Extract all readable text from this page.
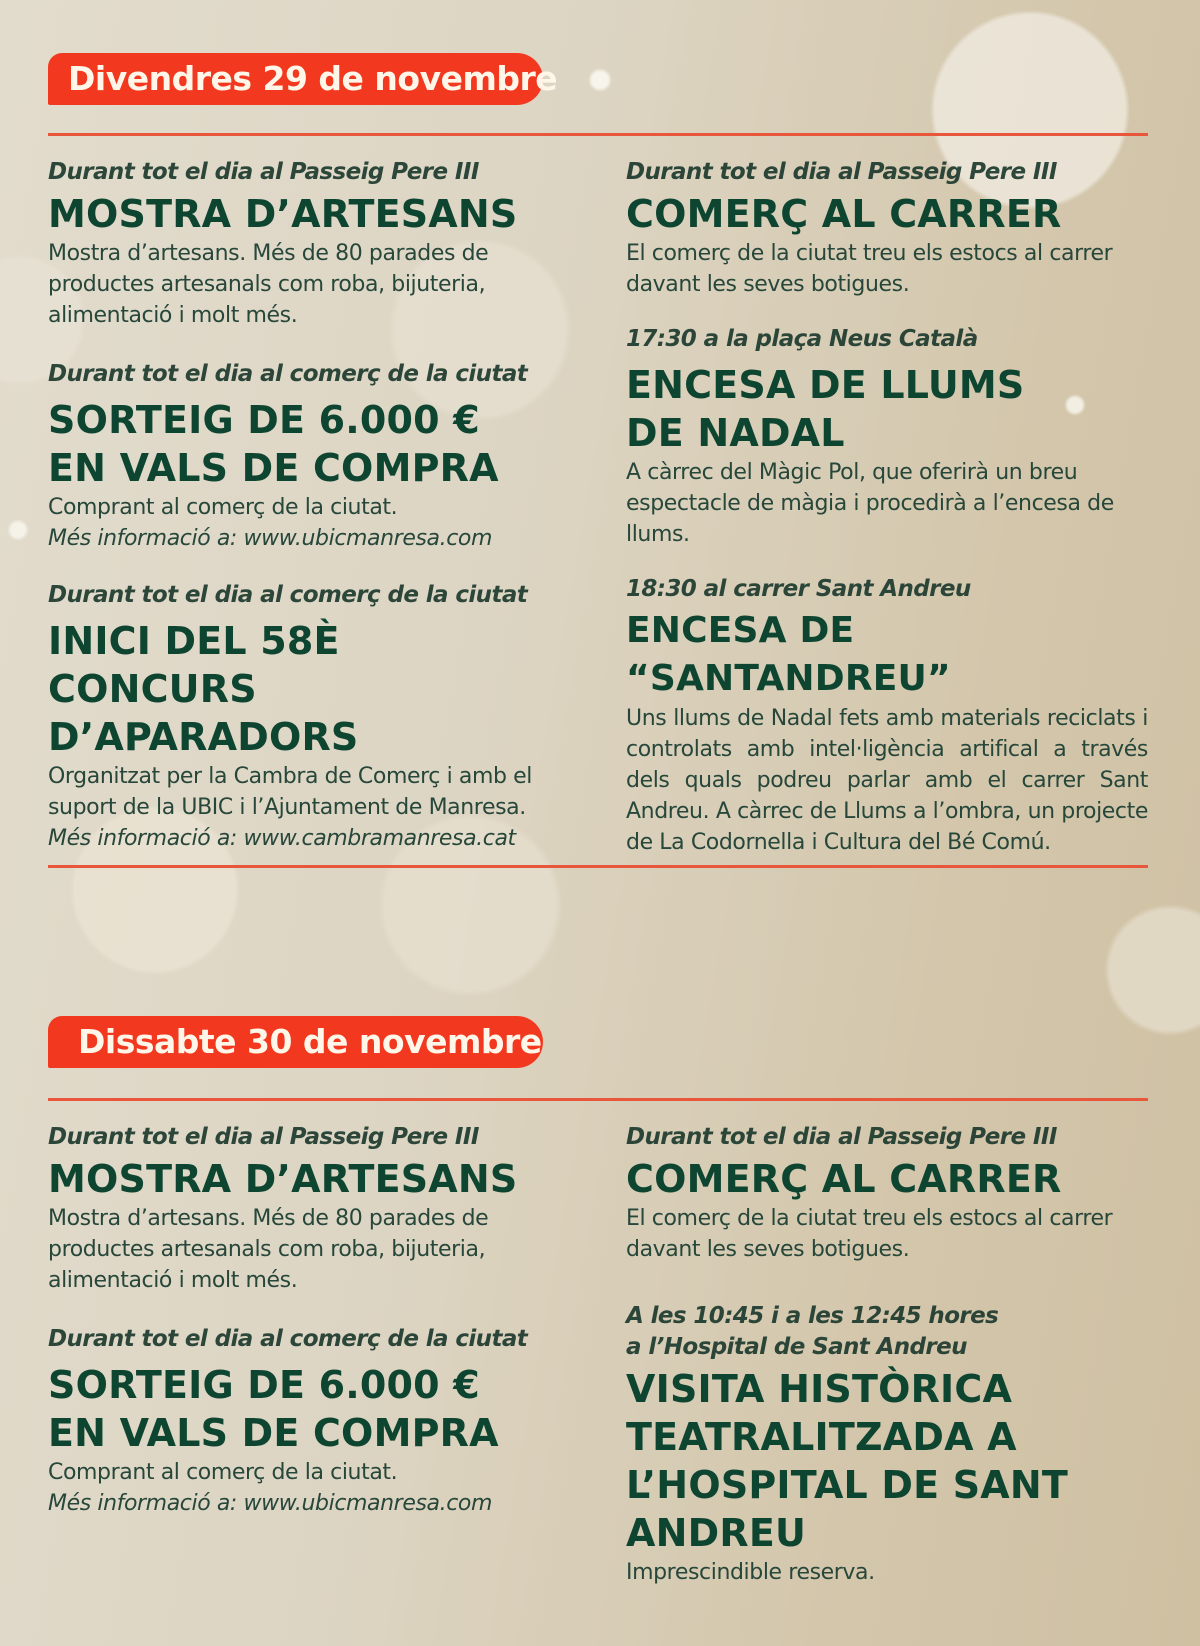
Divendres 29 de novembre
Durant tot el dia al Passeig Pere III
MOSTRA D’ARTESANS
Mostra d’artesans. Més de 80 parades de productes artesanals com roba, bijuteria, alimentació i molt més.
Durant tot el dia al comerç de la ciutat
SORTEIG DE 6.000 €
EN VALS DE COMPRA
Comprant al comerç de la ciutat.
Més informació a: www.ubicmanresa.com
Durant tot el dia al comerç de la ciutat
INICI DEL 58È CONCURS
D’APARADORS
Organitzat per la Cambra de Comerç i amb el suport de la UBIC i l’Ajuntament de Manresa.
Més informació a: www.cambramanresa.cat
Durant tot el dia al Passeig Pere III
COMERÇ AL CARRER
El comerç de la ciutat treu els estocs al carrer davant les seves botigues.
17:30 a la plaça Neus Català
ENCESA DE LLUMS
DE NADAL
A càrrec del Màgic Pol, que oferirà un breu espectacle de màgia i procedirà a l’encesa de llums.
18:30 al carrer Sant Andreu
ENCESA DE “SANTANDREU”
Uns llums de Nadal fets amb materials reciclats i controlats amb intel·ligència artifical a través dels quals podreu parlar amb el carrer Sant Andreu. A càrrec de Llums a l’ombra, un projecte de La Codornella i Cultura del Bé Comú.
Dissabte 30 de novembre
Durant tot el dia al Passeig Pere III
MOSTRA D’ARTESANS
Mostra d’artesans. Més de 80 parades de productes artesanals com roba, bijuteria, alimentació i molt més.
Durant tot el dia al comerç de la ciutat
SORTEIG DE 6.000 €
EN VALS DE COMPRA
Comprant al comerç de la ciutat.
Més informació a: www.ubicmanresa.com
Durant tot el dia al Passeig Pere III
COMERÇ AL CARRER
El comerç de la ciutat treu els estocs al carrer davant les seves botigues.
A les 10:45 i a les 12:45 hores
a l’Hospital de Sant Andreu
VISITA HISTÒRICA
TEATRALITZADA A
L’HOSPITAL DE SANT
ANDREU
Imprescindible reserva.
